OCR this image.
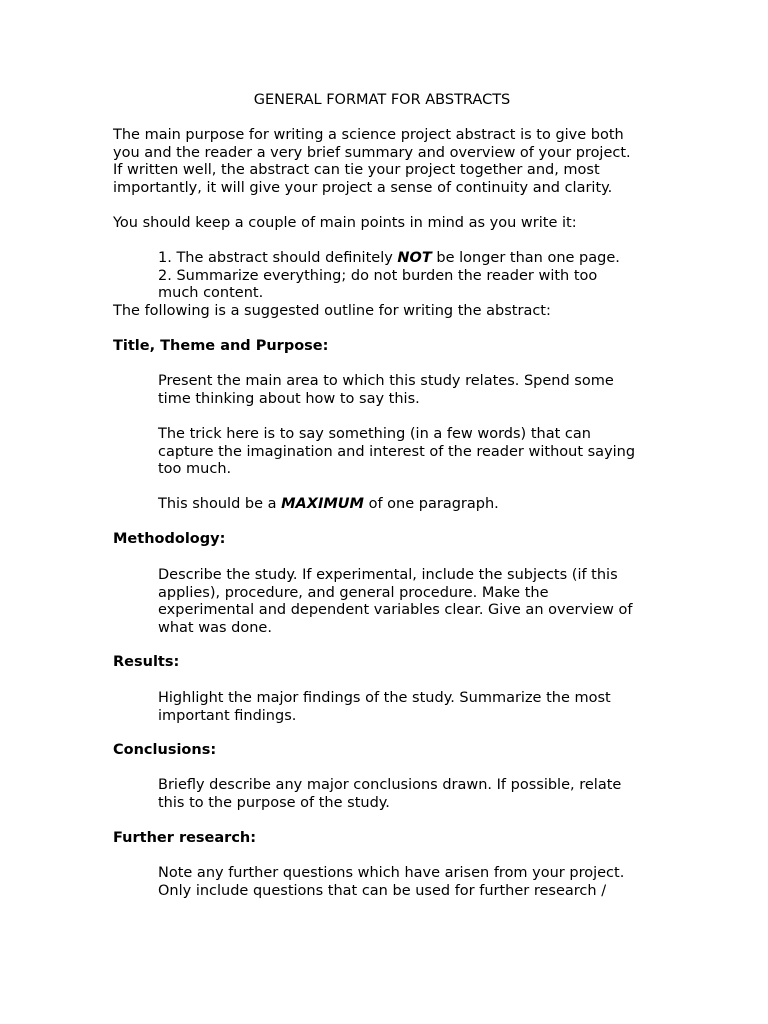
GENERAL FORMAT FOR ABSTRACTS
The main purpose for writing a science project abstract is to give both
you and the reader a very brief summary and overview of your project.
If written well, the abstract can tie your project together and, most
importantly, it will give your project a sense of continuity and clarity.
You should keep a couple of main points in mind as you write it:
1. The abstract should definitely NOT be longer than one page.
2. Summarize everything; do not burden the reader with too
much content.
The following is a suggested outline for writing the abstract:
Title, Theme and Purpose:
Present the main area to which this study relates. Spend some
time thinking about how to say this.
The trick here is to say something (in a few words) that can
capture the imagination and interest of the reader without saying
too much.
This should be a MAXIMUM of one paragraph.
Methodology:
Describe the study. If experimental, include the subjects (if this
applies), procedure, and general procedure. Make the
experimental and dependent variables clear. Give an overview of
what was done.
Results:
Highlight the major findings of the study. Summarize the most
important findings.
Conclusions:
Briefly describe any major conclusions drawn. If possible, relate
this to the purpose of the study.
Further research:
Note any further questions which have arisen from your project.
Only include questions that can be used for further research /
